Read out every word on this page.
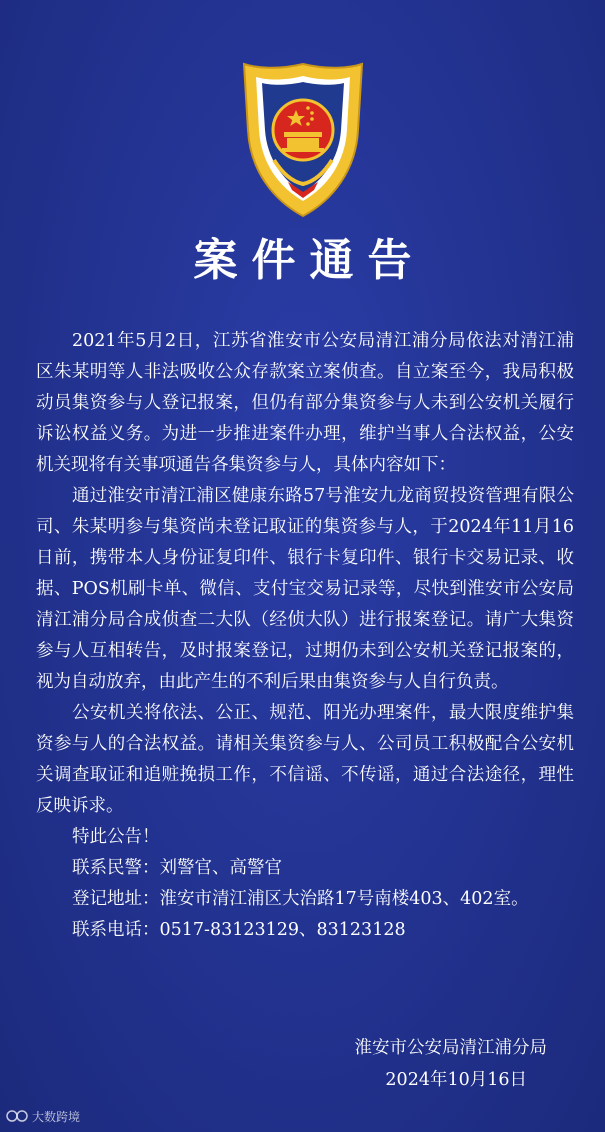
案件通告

2021年5月2日，江苏省淮安市公安局清江浦分局依法对清江浦区朱某明等人非法吸收公众存款案立案侦查。自立案至今，我局积极动员集资参与人登记报案，但仍有部分集资参与人未到公安机关履行诉讼权益义务。为进一步推进案件办理，维护当事人合法权益，公安机关现将有关事项通告各集资参与人，具体内容如下：

通过淮安市清江浦区健康东路57号淮安九龙商贸投资管理有限公司、朱某明参与集资尚未登记取证的集资参与人，于2024年11月16日前，携带本人身份证复印件、银行卡复印件、银行卡交易记录、收据、POS机刷卡单、微信、支付宝交易记录等，尽快到淮安市公安局清江浦分局合成侦查二大队（经侦大队）进行报案登记。请广大集资参与人互相转告，及时报案登记，过期仍未到公安机关登记报案的，视为自动放弃，由此产生的不利后果由集资参与人自行负责。

公安机关将依法、公正、规范、阳光办理案件，最大限度维护集资参与人的合法权益。请相关集资参与人、公司员工积极配合公安机关调查取证和追赃挽损工作，不信谣、不传谣，通过合法途径，理性反映诉求。

特此公告！

联系民警：刘警官、高警官

登记地址：淮安市清江浦区大治路17号南楼403、402室。

联系电话：0517-83123129、83123128

淮安市公安局清江浦分局
2024年10月16日
大数跨境
